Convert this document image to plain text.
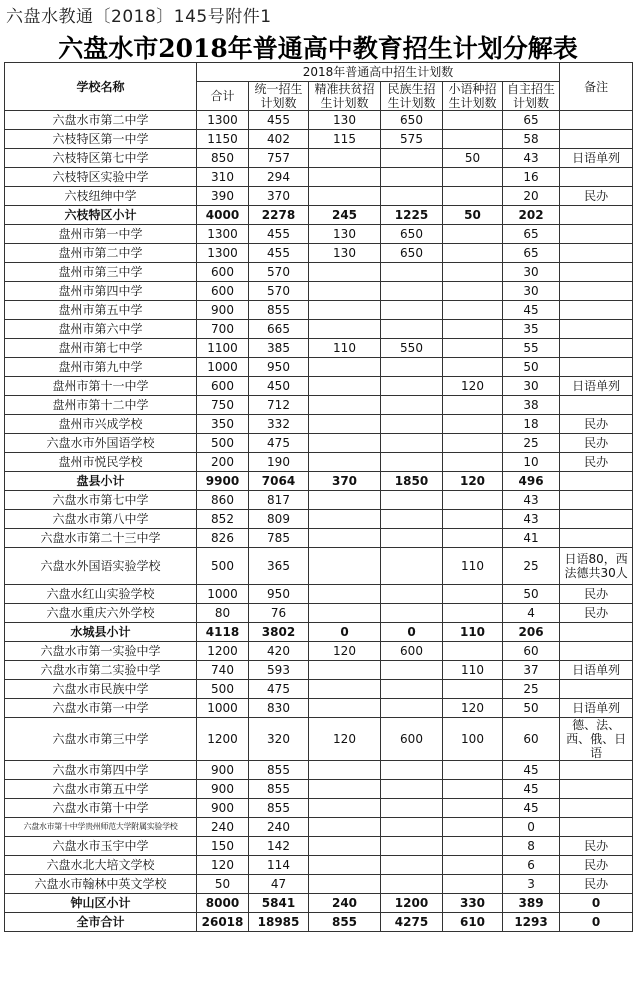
六盘水教通〔2018〕145号附件1
六盘水市2018年普通高中教育招生计划分解表
学校名称	2018年普通高中招生计划数						备注
	合计	统一招生计划数	精准扶贫招生计划数	民族生招生计划数	小语种招生计划数	自主招生计划数	
六盘水市第二中学	1300	455	130	650		65	
六枝特区第一中学	1150	402	115	575		58	
六枝特区第七中学	850	757			50	43	日语单列
六枝特区实验中学	310	294				16	
六枝纽绅中学	390	370				20	民办
六枝特区小计	4000	2278	245	1225	50	202	
盘州市第一中学	1300	455	130	650		65	
盘州市第二中学	1300	455	130	650		65	
盘州市第三中学	600	570				30	
盘州市第四中学	600	570				30	
盘州市第五中学	900	855				45	
盘州市第六中学	700	665				35	
盘州市第七中学	1100	385	110	550		55	
盘州市第九中学	1000	950				50	
盘州市第十一中学	600	450			120	30	日语单列
盘州市第十二中学	750	712				38	
盘州市兴成学校	350	332				18	民办
六盘水市外国语学校	500	475				25	民办
盘州市悦民学校	200	190				10	民办
盘县小计	9900	7064	370	1850	120	496	
六盘水市第七中学	860	817				43	
六盘水市第八中学	852	809				43	
六盘水市第二十三中学	826	785				41	
六盘水外国语实验学校	500	365			110	25	日语80，西法德共30人
六盘水红山实验学校	1000	950				50	民办
六盘水重庆六外学校	80	76				4	民办
水城县小计	4118	3802	0	0	110	206	
六盘水市第一实验中学	1200	420	120	600		60	
六盘水市第二实验中学	740	593			110	37	日语单列
六盘水市民族中学	500	475				25	
六盘水市第一中学	1000	830			120	50	日语单列
六盘水市第三中学	1200	320	120	600	100	60	德、法、西、俄、日语
六盘水市第四中学	900	855				45	
六盘水市第五中学	900	855				45	
六盘水市第十中学	900	855				45	
六盘水市第十中学贵州师范大学附属实验学校	240	240				0	
六盘水市玉宇中学	150	142				8	民办
六盘水北大培文学校	120	114				6	民办
六盘水市翰林中英文学校	50	47				3	民办
钟山区小计	8000	5841	240	1200	330	389	0
全市合计	26018	18985	855	4275	610	1293	0
